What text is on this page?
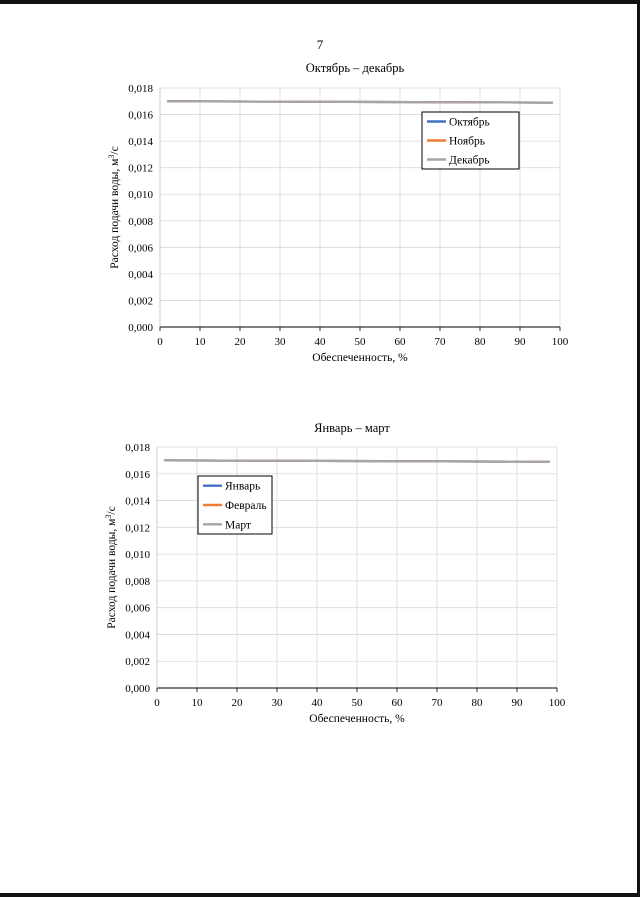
7
Октябрь – декабрь
0,000
0,002
0,004
0,006
0,008
0,010
0,012
0,014
0,016
0,018
0	10	20	30	40	50	60	70	80	90 100
Обеспеченность, %
Расход подачи воды, $м^3/с$
Октябрь
Ноябрь
Декабрь
Январь – март
0,000
0,002
0,004
0,006
0,008
0,010
0,012
0,014
0,016
0,018
0	10	20	30	40	50	60	70	80	90 100
Обеспеченность, %
Расход подачи воды, $м^3/с$
Январь
Февраль
Март
